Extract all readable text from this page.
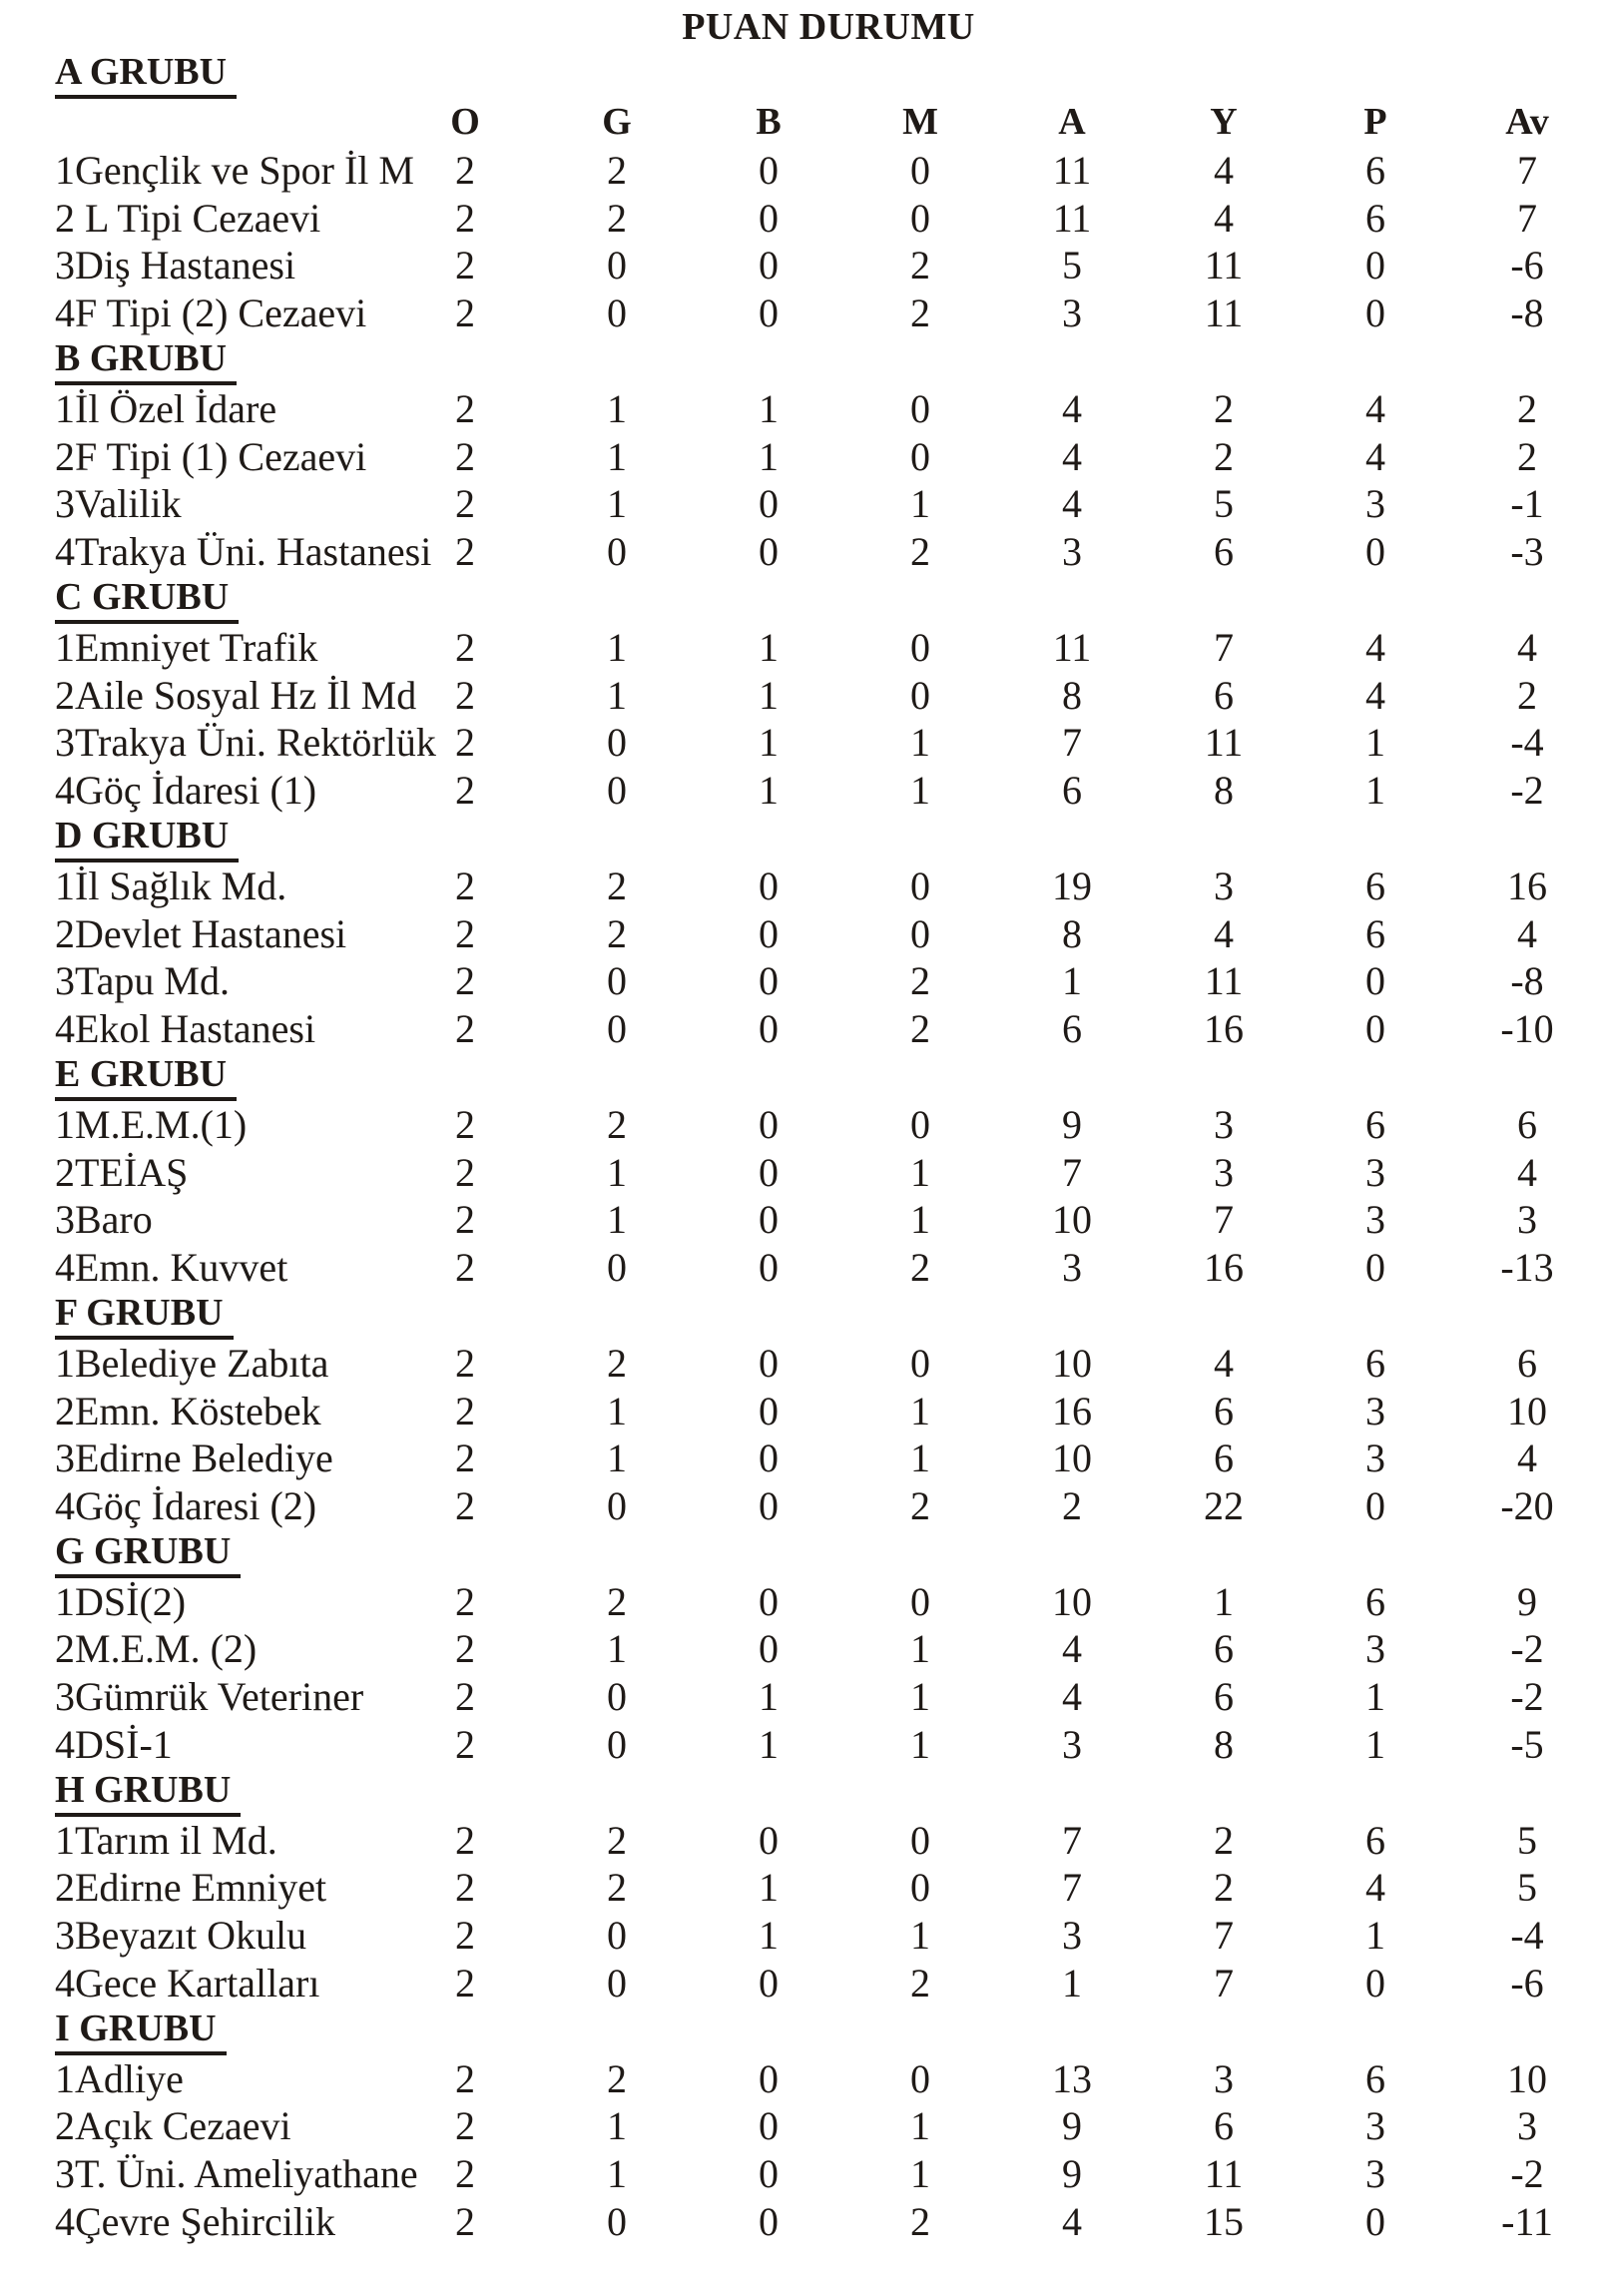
PUAN DURUMU
A GRUBU
O	G	B	M	A	Y	P	Av
1Gençlik ve Spor İl M	2	2	0	0	11	4	6	7
2 L Tipi Cezaevi	2	2	0	0	11	4	6	7
3Diş Hastanesi	2	0	0	2	5	11	0	-6
4F Tipi (2) Cezaevi	2	0	0	2	3	11	0	-8
B GRUBU
1İl Özel İdare	2	1	1	0	4	2	4	2
2F Tipi (1) Cezaevi	2	1	1	0	4	2	4	2
3Valilik	2	1	0	1	4	5	3	-1
4Trakya Üni. Hastanesi 2	0	0	2	3	6	0	-3
C GRUBU
1Emniyet Trafik	2	1	1	0	11	7	4	4
2Aile Sosyal Hz İl Md 2	1	1	0	8	6	4	2
3Trakya Üni. Rektörlük 2	0	1	1	7	11	1	-4
4Göç İdaresi (1)	2	0	1	1	6	8	1	-2
D GRUBU
1İl Sağlık Md.	2	2	0	0	19	3	6	16
2Devlet Hastanesi	2	2	0	0	8	4	6	4
3Tapu Md.	2	0	0	2	1	11	0	-8
4Ekol Hastanesi	2	0	0	2	6	16	0	-10
E GRUBU
1M.E.M.(1)	2	2	0	0	9	3	6	6
2TEİAŞ	2	1	0	1	7	3	3	4
3Baro	2	1	0	1	10	7	3	3
4Emn. Kuvvet	2	0	0	2	3	16	0	-13
F GRUBU
1Belediye Zabıta	2	2	0	0	10	4	6	6
2Emn. Köstebek	2	1	0	1	16	6	3	10
3Edirne Belediye	2	1	0	1	10	6	3	4
4Göç İdaresi (2)	2	0	0	2	2	22	0	-20
G GRUBU
1DSİ(2)	2	2	0	0	10	1	6	9
2M.E.M. (2)	2	1	0	1	4	6	3	-2
3Gümrük Veteriner	2	0	1	1	4	6	1	-2
4DSİ-1	2	0	1	1	3	8	1	-5
H GRUBU
1Tarım il Md.	2	2	0	0	7	2	6	5
2Edirne Emniyet	2	2	1	0	7	2	4	5
3Beyazıt Okulu	2	0	1	1	3	7	1	-4
4Gece Kartalları	2	0	0	2	1	7	0	-6
I GRUBU
1Adliye	2	2	0	0	13	3	6	10
2Açık Cezaevi	2	1	0	1	9	6	3	3
3T. Üni. Ameliyathane 2	1	0	1	9	11	3	-2
4Çevre Şehircilik	2	0	0	2	4	15	0	-11
